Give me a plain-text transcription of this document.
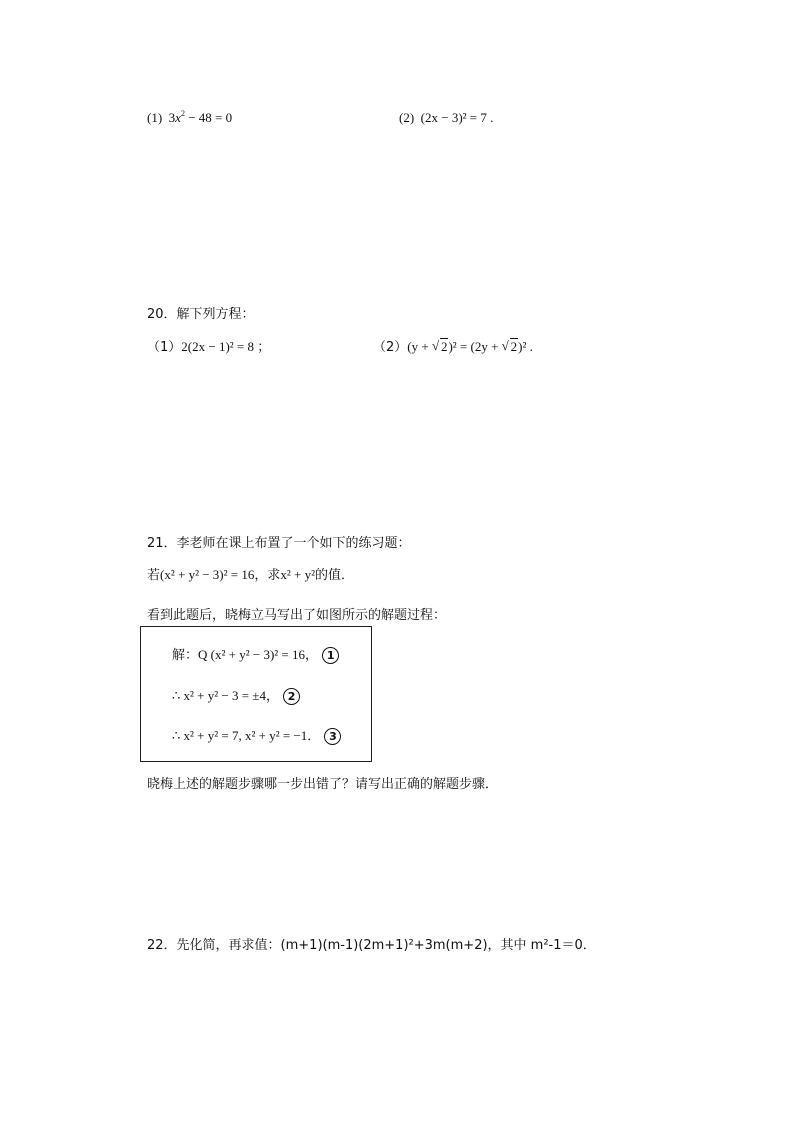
(1) $3x^2 - 48 = 0$	(2) (2x − 3)² = 7 .
20．解下列方程：
（1）2(2x − 1)² = 8 ；	（2）(y + √ 2)² = (2y + √ 2)² .
21．李老师在课上布置了一个如下的练习题：
若(x² + y² − 3)² = 16，求x² + y²的值．
看到此题后，晓梅立马写出了如图所示的解题过程：
解：Q (x² + y² − 3)² = 16， 1
∴ x² + y² − 3 = ±4， 2
∴ x² + y² = 7, x² + y² = −1． 3
晓梅上述的解题步骤哪一步出错了？请写出正确的解题步骤．
22．先化简，再求值：(m+1)(m-1)(2m+1)²+3m(m+2)，其中 m²-1＝0．
